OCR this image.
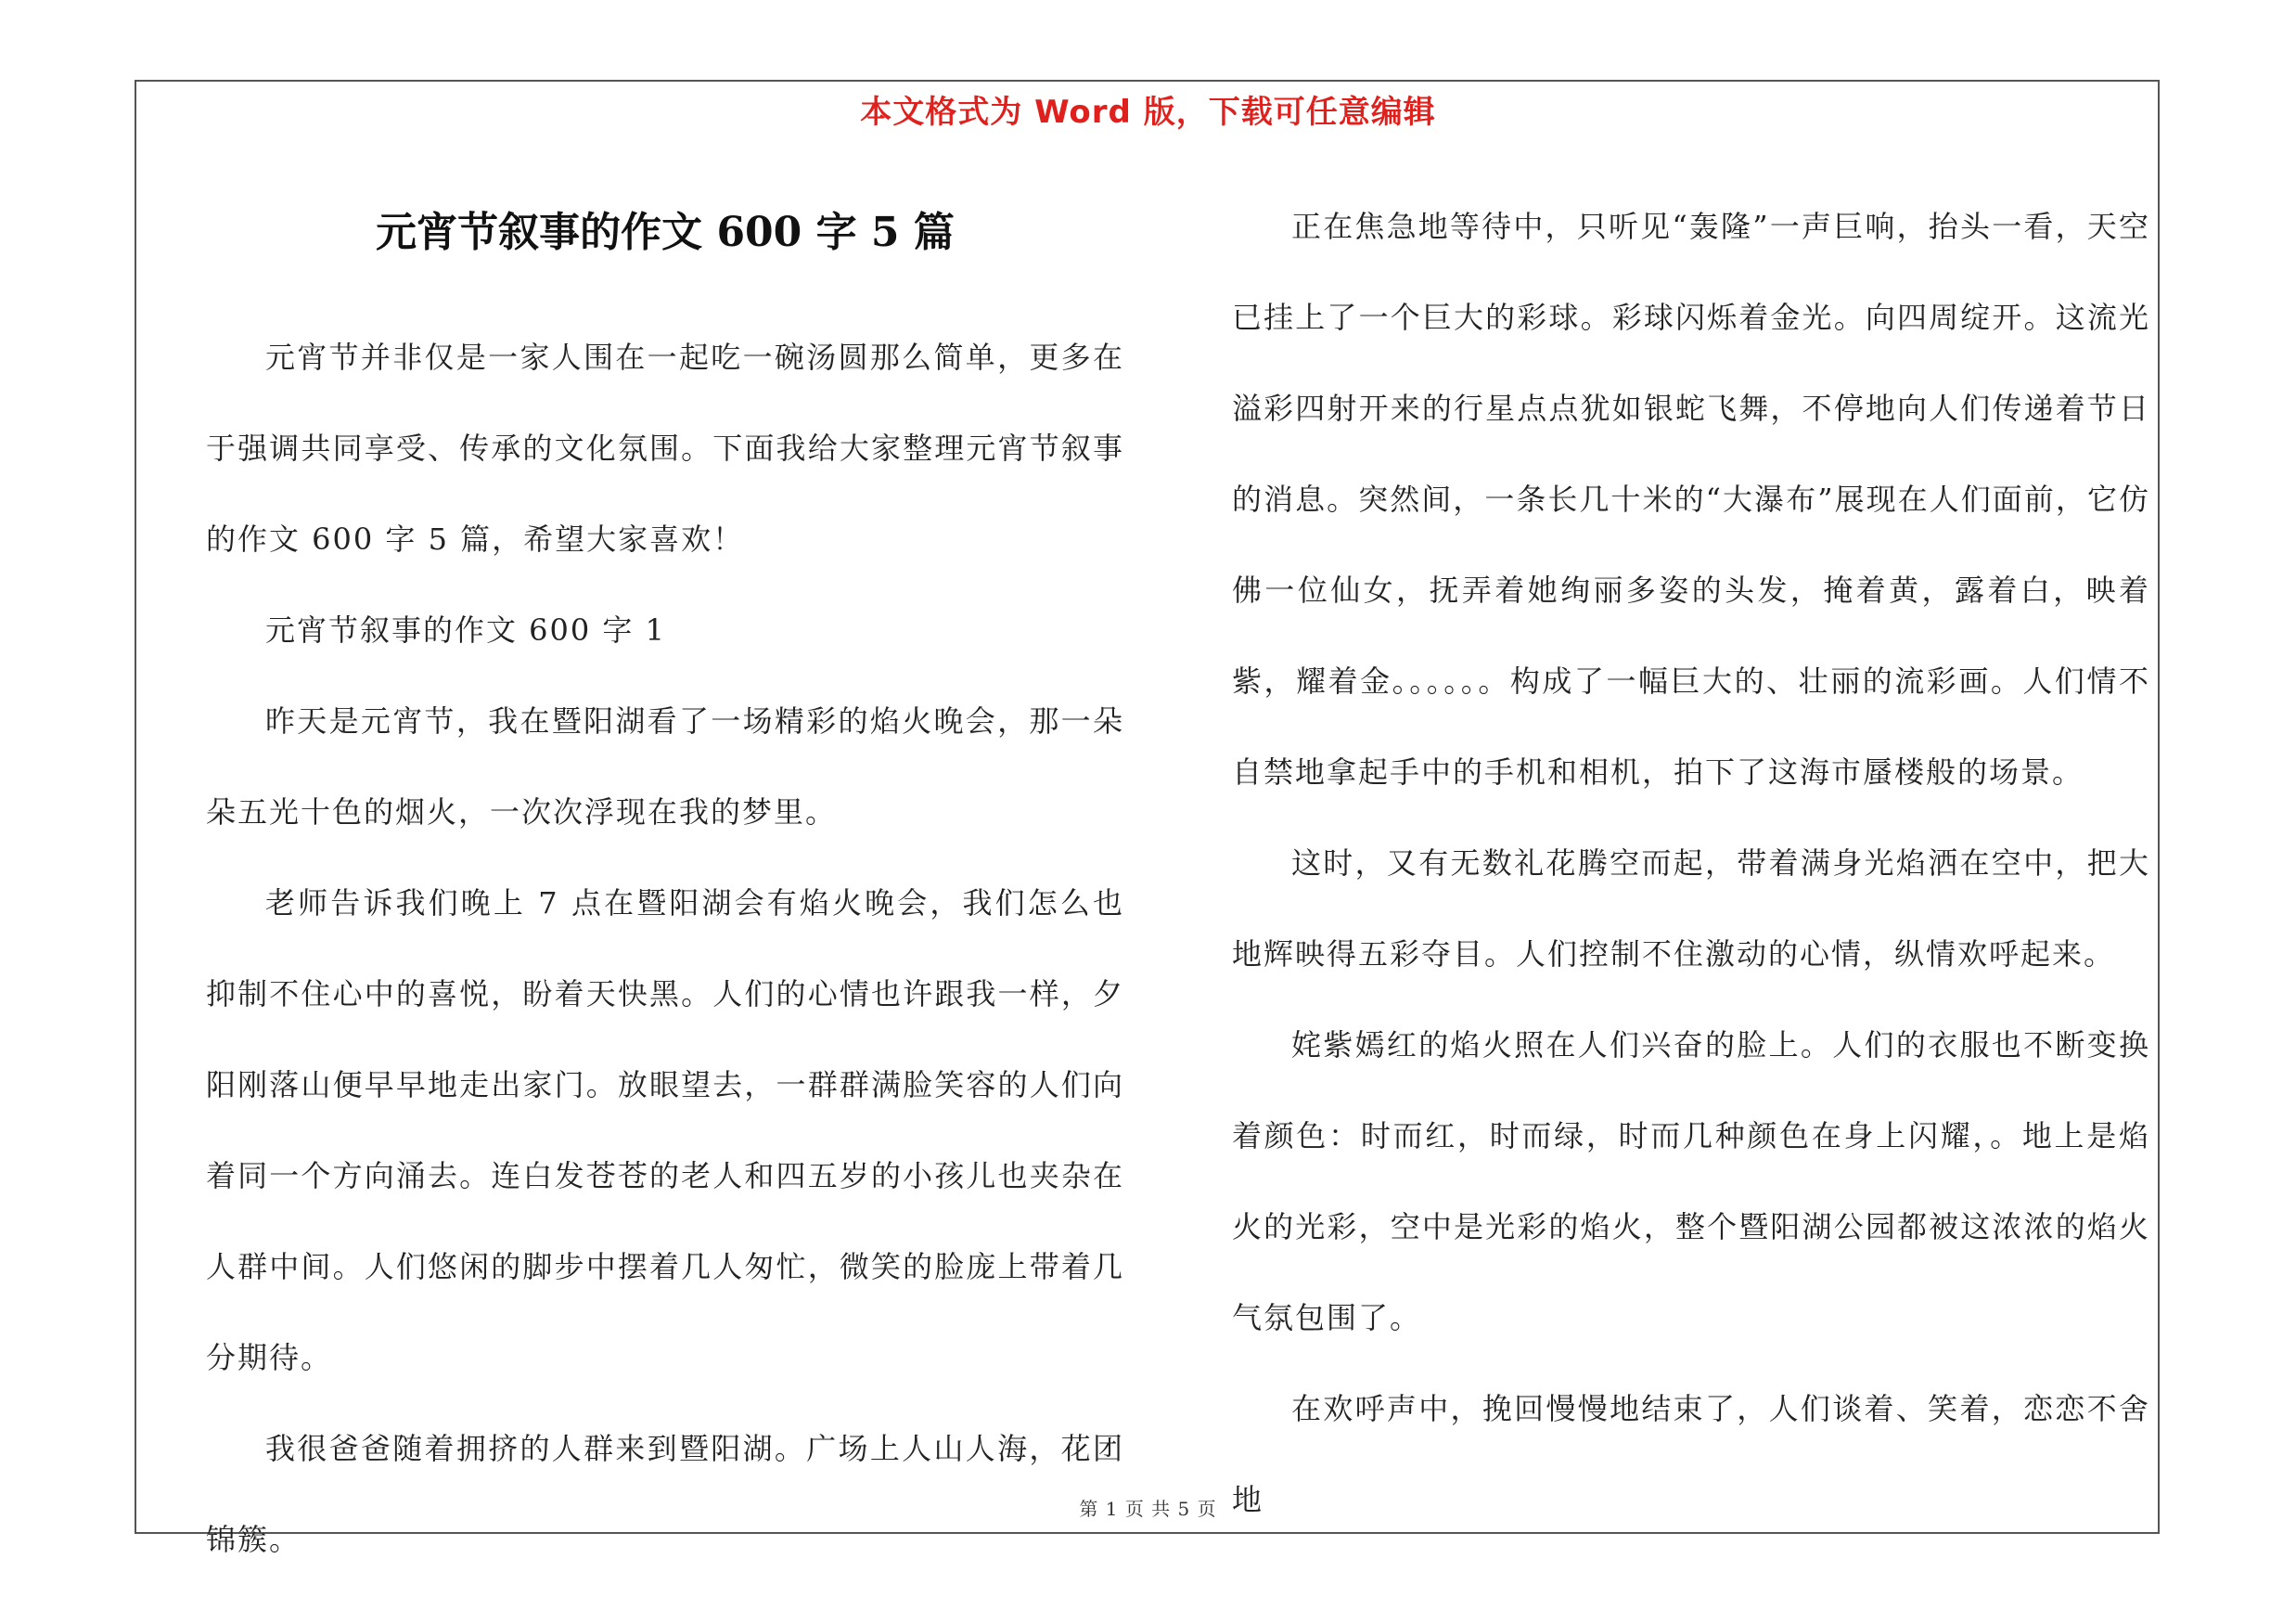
本文格式为 Word 版，下载可任意编辑
元宵节叙事的作文 600 字 5 篇

元宵节并非仅是一家人围在一起吃一碗汤圆那么简单，更多在于强调共同享受、传承的文化氛围。下面我给大家整理元宵节叙事的作文 600 字 5 篇，希望大家喜欢！

元宵节叙事的作文 600 字 1

昨天是元宵节，我在暨阳湖看了一场精彩的焰火晚会，那一朵朵五光十色的烟火，一次次浮现在我的梦里。

老师告诉我们晚上 7 点在暨阳湖会有焰火晚会，我们怎么也抑制不住心中的喜悦，盼着天快黑。人们的心情也许跟我一样，夕阳刚落山便早早地走出家门。放眼望去，一群群满脸笑容的人们向着同一个方向涌去。连白发苍苍的老人和四五岁的小孩儿也夹杂在人群中间。人们悠闲的脚步中摆着几人匆忙，微笑的脸庞上带着几分期待。

我很爸爸随着拥挤的人群来到暨阳湖。广场上人山人海，花团锦簇。

正在焦急地等待中，只听见“轰隆”一声巨响，抬头一看，天空已挂上了一个巨大的彩球。彩球闪烁着金光。向四周绽开。这流光溢彩四射开来的行星点点犹如银蛇飞舞，不停地向人们传递着节日的消息。突然间，一条长几十米的“大瀑布”展现在人们面前，它仿佛一位仙女，抚弄着她绚丽多姿的头发，掩着黄，露着白，映着紫，耀着金。。。。。。构成了一幅巨大的、壮丽的流彩画。人们情不自禁地拿起手中的手机和相机，拍下了这海市蜃楼般的场景。

这时，又有无数礼花腾空而起，带着满身光焰洒在空中，把大地辉映得五彩夺目。人们控制不住激动的心情，纵情欢呼起来。

姹紫嫣红的焰火照在人们兴奋的脸上。人们的衣服也不断变换着颜色：时而红，时而绿，时而几种颜色在身上闪耀，。地上是焰火的光彩，空中是光彩的焰火，整个暨阳湖公园都被这浓浓的焰火气氛包围了。

在欢呼声中，挽回慢慢地结束了，人们谈着、笑着，恋恋不舍地

第 1 页 共 5 页
